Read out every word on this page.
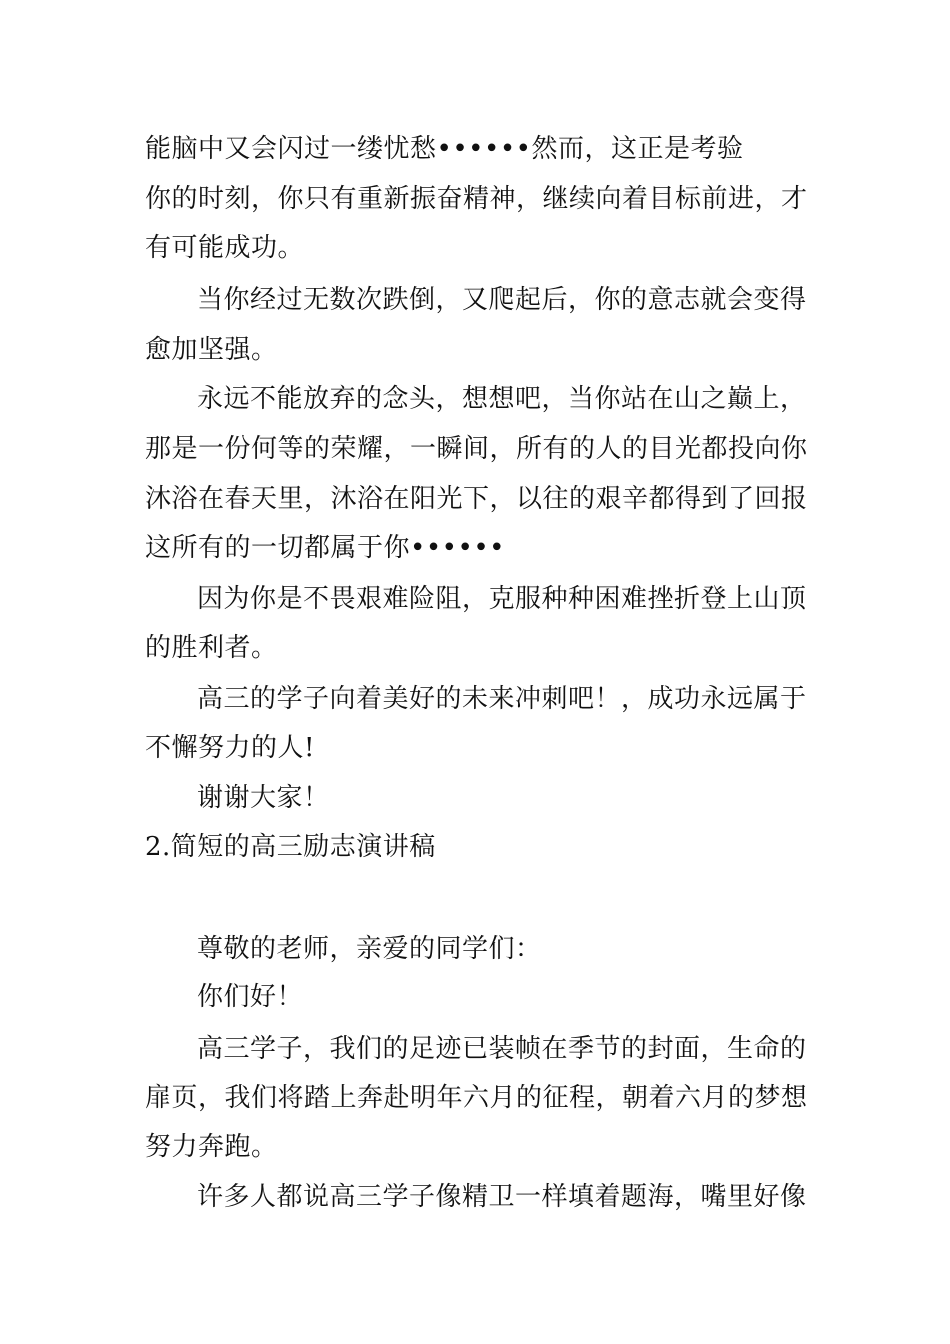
能脑中又会闪过一缕忧愁••••••然而，这正是考验
你的时刻，你只有重新振奋精神，继续向着目标前进，才
有可能成功。
当你经过无数次跌倒，又爬起后，你的意志就会变得
愈加坚强。
永远不能放弃的念头，想想吧，当你站在山之巅上，
那是一份何等的荣耀，一瞬间，所有的人的目光都投向你
沐浴在春天里，沐浴在阳光下，以往的艰辛都得到了回报
这所有的一切都属于你••••••
因为你是不畏艰难险阻，克服种种困难挫折登上山顶
的胜利者。
高三的学子向着美好的未来冲刺吧！，成功永远属于
不懈努力的人!
谢谢大家！
2.简短的高三励志演讲稿
尊敬的老师，亲爱的同学们：
你们好！
高三学子，我们的足迹已装帧在季节的封面，生命的
扉页，我们将踏上奔赴明年六月的征程，朝着六月的梦想
努力奔跑。
许多人都说高三学子像精卫一样填着题海，嘴里好像
